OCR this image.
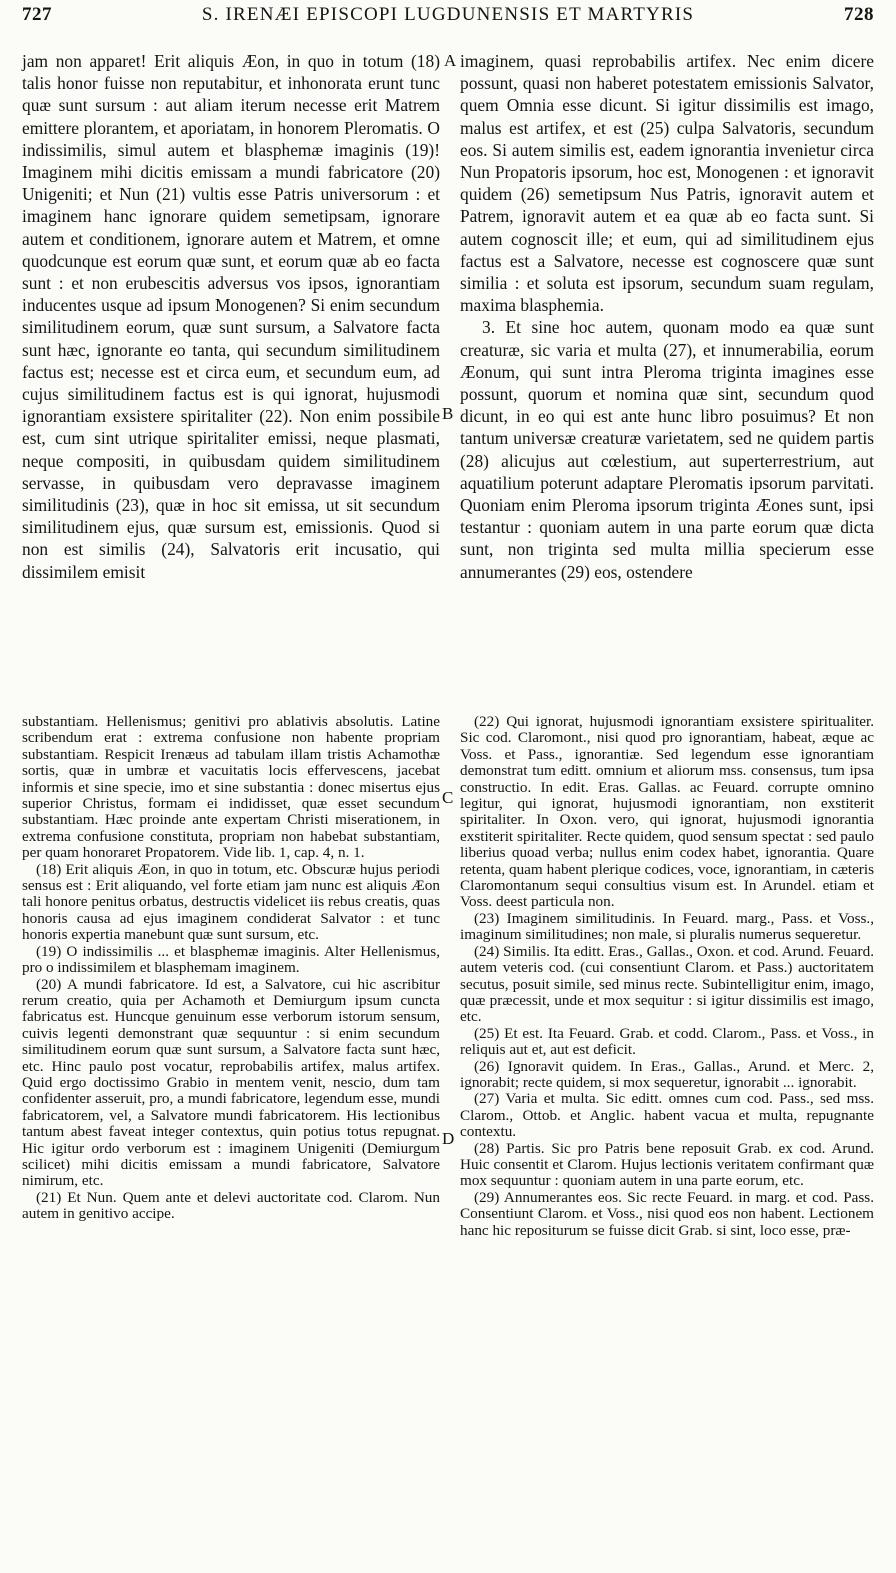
727	S. IRENÆI EPISCOPI LUGDUNENSIS ET MARTYRIS	728
A
B
C
D

jam non apparet! Erit aliquis Æon, in quo in totum (18) talis honor fuisse non reputabitur, et inhonorata erunt tunc quæ sunt sursum : aut aliam iterum necesse erit Matrem emittere plorantem, et aporiatam, in honorem Pleromatis. O indissimilis, simul autem et blasphemæ imaginis (19)! Imaginem mihi dicitis emissam a mundi fabricatore (20) Unigeniti; et Nun (21) vultis esse Patris universorum : et imaginem hanc ignorare quidem semetipsam, ignorare autem et conditionem, ignorare autem et Matrem, et omne quodcunque est eorum quæ sunt, et eorum quæ ab eo facta sunt : et non erubescitis adversus vos ipsos, ignorantiam inducentes usque ad ipsum Monogenen? Si enim secundum similitudinem eorum, quæ sunt sursum, a Salvatore facta sunt hæc, ignorante eo tanta, qui secundum similitudinem factus est; necesse est et circa eum, et secundum eum, ad cujus similitudinem factus est is qui ignorat, hujusmodi ignorantiam exsistere spiritaliter (22). Non enim possibile est, cum sint utrique spiritaliter emissi, neque plasmati, neque compositi, in quibusdam quidem similitudinem servasse, in quibusdam vero depravasse imaginem similitudinis (23), quæ in hoc sit emissa, ut sit secundum similitudinem ejus, quæ sursum est, emissionis. Quod si non est similis (24), Salvatoris erit incusatio, qui dissimilem emisit

imaginem, quasi reprobabilis artifex. Nec enim dicere possunt, quasi non haberet potestatem emissionis Salvator, quem Omnia esse dicunt. Si igitur dissimilis est imago, malus est artifex, et est (25) culpa Salvatoris, secundum eos. Si autem similis est, eadem ignorantia invenietur circa Nun Propatoris ipsorum, hoc est, Monogenen : et ignoravit quidem (26) semetipsum Nus Patris, ignoravit autem et Patrem, ignoravit autem et ea quæ ab eo facta sunt. Si autem cognoscit ille; et eum, qui ad similitudinem ejus factus est a Salvatore, necesse est cognoscere quæ sunt similia : et soluta est ipsorum, secundum suam regulam, maxima blasphemia.

3. Et sine hoc autem, quonam modo ea quæ sunt creaturæ, sic varia et multa (27), et innumerabilia, eorum Æonum, qui sunt intra Pleroma triginta imagines esse possunt, quorum et nomina quæ sint, secundum quod dicunt, in eo qui est ante hunc libro posuimus? Et non tantum universæ creaturæ varietatem, sed ne quidem partis (28) alicujus aut cœlestium, aut superterrestrium, aut aquatilium poterunt adaptare Pleromatis ipsorum parvitati. Quoniam enim Pleroma ipsorum triginta Æones sunt, ipsi testantur : quoniam autem in una parte eorum quæ dicta sunt, non triginta sed multa millia specierum esse annumerantes (29) eos, ostendere

substantiam. Hellenismus; genitivi pro ablativis absolutis. Latine scribendum erat : extrema confusione non habente propriam substantiam. Respicit Irenæus ad tabulam illam tristis Achamothæ sortis, quæ in umbræ et vacuitatis locis effervescens, jacebat informis et sine specie, imo et sine substantia : donec misertus ejus superior Christus, formam ei indidisset, quæ esset secundum substantiam. Hæc proinde ante expertam Christi miserationem, in extrema confusione constituta, propriam non habebat substantiam, per quam honoraret Propatorem. Vide lib. 1, cap. 4, n. 1.

(18) Erit aliquis Æon, in quo in totum, etc. Obscuræ hujus periodi sensus est : Erit aliquando, vel forte etiam jam nunc est aliquis Æon tali honore penitus orbatus, destructis videlicet iis rebus creatis, quas honoris causa ad ejus imaginem condiderat Salvator : et tunc honoris expertia manebunt quæ sunt sursum, etc.

(19) O indissimilis ... et blasphemæ imaginis. Alter Hellenismus, pro o indissimilem et blasphemam imaginem.

(20) A mundi fabricatore. Id est, a Salvatore, cui hic ascribitur rerum creatio, quia per Achamoth et Demiurgum ipsum cuncta fabricatus est. Huncque genuinum esse verborum istorum sensum, cuivis legenti demonstrant quæ sequuntur : si enim secundum similitudinem eorum quæ sunt sursum, a Salvatore facta sunt hæc, etc. Hinc paulo post vocatur, reprobabilis artifex, malus artifex. Quid ergo doctissimo Grabio in mentem venit, nescio, dum tam confidenter asseruit, pro, a mundi fabricatore, legendum esse, mundi fabricatorem, vel, a Salvatore mundi fabricatorem. His lectionibus tantum abest faveat integer contextus, quin potius totus repugnat. Hic igitur ordo verborum est : imaginem Unigeniti (Demiurgum scilicet) mihi dicitis emissam a mundi fabricatore, Salvatore nimirum, etc.

(21) Et Nun. Quem ante et delevi auctoritate cod. Clarom. Nun autem in genitivo accipe.

(22) Qui ignorat, hujusmodi ignorantiam exsistere spiritualiter. Sic cod. Claromont., nisi quod pro ignorantiam, habeat, æque ac Voss. et Pass., ignorantiæ. Sed legendum esse ignorantiam demonstrat tum editt. omnium et aliorum mss. consensus, tum ipsa constructio. In edit. Eras. Gallas. ac Feuard. corrupte omnino legitur, qui ignorat, hujusmodi ignorantiam, non exstiterit spiritaliter. In Oxon. vero, qui ignorat, hujusmodi ignorantia exstiterit spiritaliter. Recte quidem, quod sensum spectat : sed paulo liberius quoad verba; nullus enim codex habet, ignorantia. Quare retenta, quam habent plerique codices, voce, ignorantiam, in cæteris Claromontanum sequi consultius visum est. In Arundel. etiam et Voss. deest particula non.

(23) Imaginem similitudinis. In Feuard. marg., Pass. et Voss., imaginum similitudines; non male, si pluralis numerus sequeretur.

(24) Similis. Ita editt. Eras., Gallas., Oxon. et cod. Arund. Feuard. autem veteris cod. (cui consentiunt Clarom. et Pass.) auctoritatem secutus, posuit simile, sed minus recte. Subintelligitur enim, imago, quæ præcessit, unde et mox sequitur : si igitur dissimilis est imago, etc.

(25) Et est. Ita Feuard. Grab. et codd. Clarom., Pass. et Voss., in reliquis aut et, aut est deficit.

(26) Ignoravit quidem. In Eras., Gallas., Arund. et Merc. 2, ignorabit; recte quidem, si mox sequeretur, ignorabit ... ignorabit.

(27) Varia et multa. Sic editt. omnes cum cod. Pass., sed mss. Clarom., Ottob. et Anglic. habent vacua et multa, repugnante contextu.

(28) Partis. Sic pro Patris bene reposuit Grab. ex cod. Arund. Huic consentit et Clarom. Hujus lectionis veritatem confirmant quæ mox sequuntur : quoniam autem in una parte eorum, etc.

(29) Annumerantes eos. Sic recte Feuard. in marg. et cod. Pass. Consentiunt Clarom. et Voss., nisi quod eos non habent. Lectionem hanc hic repositurum se fuisse dicit Grab. si sint, loco esse, præ-
